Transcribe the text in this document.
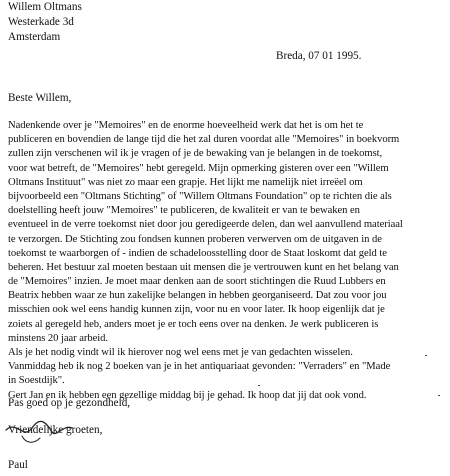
Willem Oltmans
Westerkade 3d
Amsterdam
Breda, 07 01 1995.
Beste Willem,
Nadenkende over je "Memoires" en de enorme hoeveelheid werk dat het is om het te
publiceren en bovendien de lange tijd die het zal duren voordat alle "Memoires" in boekvorm
zullen zijn verschenen wil ik je vragen of je de bewaking van je belangen in de toekomst,
voor wat betreft, de "Memoires" hebt geregeld. Mijn opmerking gisteren over een "Willem
Oltmans Instituut" was niet zo maar een grapje. Het lijkt me namelijk niet irreëel om
bijvoorbeeld een "Oltmans Stichting" of "Willem Oltmans Foundation" op te richten die als
doelstelling heeft jouw "Memoires" te publiceren, de kwaliteit er van te bewaken en
eventueel in de verre toekomst niet door jou geredigeerde delen, dan wel aanvullend materiaal
te verzorgen. De Stichting zou fondsen kunnen proberen verwerven om de uitgaven in de
toekomst te waarborgen of - indien de schadeloosstelling door de Staat loskomt dat geld te
beheren. Het bestuur zal moeten bestaan uit mensen die je vertrouwen kunt en het belang van
de "Memoires" inzien. Je moet maar denken aan de soort stichtingen die Ruud Lubbers en
Beatrix hebben waar ze hun zakelijke belangen in hebben georganiseerd. Dat zou voor jou
misschien ook wel eens handig kunnen zijn, voor nu en voor later. Ik hoop eigenlijk dat je
zoiets al geregeld heb, anders moet je er toch eens over na denken. Je werk publiceren is
minstens 20 jaar arbeid.
Als je het nodig vindt wil ik hierover nog wel eens met je van gedachten wisselen.
Vanmiddag heb ik nog 2 boeken van je in het antiquariaat gevonden: "Verraders" en "Made
in Soestdijk".
Gert Jan en ik hebben een gezellige middag bij je gehad. Ik hoop dat jij dat ook vond.
Pas goed op je gezondheid,
Vriendelijke groeten,
Paul
